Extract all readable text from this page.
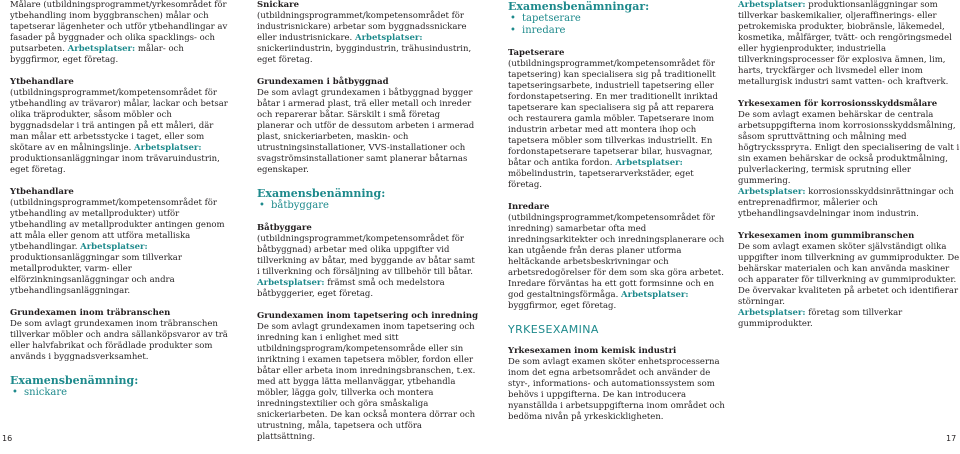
Målare (utbildningsprogrammet/yrkesområdet för ytbehandling inom byggbranschen) målar och tapetserar lägenheter och utför ytbehandlingar av fasader på byggnader och olika spacklings- och putsarbeten. Arbetsplatser: målar- och byggfirmor, eget företag.

Ytbehandlare (utbildningsprogrammet/kompetensområdet för ytbehandling av trävaror) målar, lackar och betsar olika träprodukter, såsom möbler och byggnadsdelar i trä antingen på ett måleri, där man målar ett arbetsstycke i taget, eller som skötare av en målningslinje. Arbetsplatser: produktionsanläggningar inom trävaruindustrin, eget företag.

Ytbehandlare (utbildningsprogrammet/kompetensområdet för ytbehandling av metallprodukter) utför ytbehandling av metallprodukter antingen genom att måla eller genom att utföra metalliska ytbehandlingar. Arbetsplatser: produktionsanläggningar som tillverkar metallprodukter, varm- eller elförzinkningsanläggningar och andra ytbehandlingsanläggningar.

Grundexamen inom träbranschen

De som avlagt grundexamen inom träbranschen tillverkar möbler och andra sällanköpsvaror av trä eller halvfabrikat och förädlade produkter som används i byggnadsverksamhet.

Examensbenämning:
• snickare

Snickare (utbildningsprogrammet/kompetensområdet för industrisnickare) arbetar som byggnadssnickare eller industrisnickare. Arbetsplatser: snickeriindustrin, byggindustrin, trähusindustrin, eget företag.

Grundexamen i båtbyggnad

De som avlagt grundexamen i båtbyggnad bygger båtar i armerad plast, trä eller metall och inreder och reparerar båtar. Särskilt i små företag planerar och utför de dessutom arbeten i armerad plast, snickeriarbeten, maskin- och utrustningsinstallationer, VVS-installationer och svagströmsinstallationer samt planerar båtarnas egenskaper.

Examensbenämning:
• båtbyggare

Båtbyggare (utbildningsprogrammet/kompetensområdet för båtbyggnad) arbetar med olika uppgifter vid tillverkning av båtar, med byggande av båtar samt i tillverkning och försäljning av tillbehör till båtar. Arbetsplatser: främst små och medelstora båtbyggerier, eget företag.

Grundexamen inom tapetsering och inredning

De som avlagt grundexamen inom tapetsering och inredning kan i enlighet med sitt utbildningsprogram/kompetensområde eller sin inriktning i examen tapetsera möbler, fordon eller båtar eller arbeta inom inredningsbranschen, t.ex. med att bygga lätta mellanväggar, ytbehandla möbler, lägga golv, tillverka och montera inredningstextilier och göra småskaliga snickeriarbeten. De kan också montera dörrar och utrustning, måla, tapetsera och utföra plattsättning.

Examensbenämningar:
• tapetserare
• inredare

Tapetserare (utbildningsprogrammet/kompetensområdet för tapetsering) kan specialisera sig på traditionellt tapetseringsarbete, industriell tapetsering eller fordonstapetsering. En mer traditionellt inriktad tapetserare kan specialisera sig på att reparera och restaurera gamla möbler. Tapetserare inom industrin arbetar med att montera ihop och tapetsera möbler som tillverkas industriellt. En fordonstapetserare tapetserar bilar, husvagnar, båtar och antika fordon. Arbetsplatser: möbelindustrin, tapetserarverkstäder, eget företag.

Inredare (utbildningsprogrammet/kompetensområdet för inredning) samarbetar ofta med inredningsarkitekter och inredningsplanerare och kan utgående från deras planer utforma heltäckande arbetsbeskrivningar och arbetsredogörelser för dem som ska göra arbetet. Inredare förväntas ha ett gott formsinne och en god gestaltningsförmåga. Arbetsplatser: byggfirmor, eget företag.

YRKESEXAMINA

Yrkesexamen inom kemisk industri

De som avlagt examen sköter enhetsprocesserna inom det egna arbetsområdet och använder de styr-, informations- och automationssystem som behövs i uppgifterna. De kan introducera nyanställda i arbetsuppgifterna inom området och bedöma nivån på yrkeskickligheten.

Arbetsplatser: produktionsanläggningar som tillverkar baskemikalier, oljeraffinerings- eller petrokemiska produkter, biobränsle, läkemedel, kosmetika, målfärger, tvätt- och rengöringsmedel eller hygienprodukter, industriella tillverkningsprocesser för explosiva ämnen, lim, harts, tryckfärger och livsmedel eller inom metallurgisk industri samt vatten- och kraftverk.

Yrkesexamen för korrosionsskyddsmålare

De som avlagt examen behärskar de centrala arbetsuppgifterna inom korrosionsskyddsmålning, såsom spruttvättning och målning med högtryckssprута. Enligt den specialisering de valt i sin examen behärskar de också produktmålning, pulverlackering, termisk sprutning eller gummering.

Arbetsplatser: korrosionsskyddsinrättningar och entreprenadfirmor, målerier och ytbehandlingsavdelningar inom industrin.

Yrkesexamen inom gummibranschen

De som avlagt examen sköter självständigt olika uppgifter inom tillverkning av gummiprodukter. De behärskar materialen och kan använda maskiner och apparater för tillverkning av gummiprodukter. De övervakar kvaliteten på arbetet och identifierar störningar.

Arbetsplatser: företag som tillverkar gummiprodukter.

16	17
